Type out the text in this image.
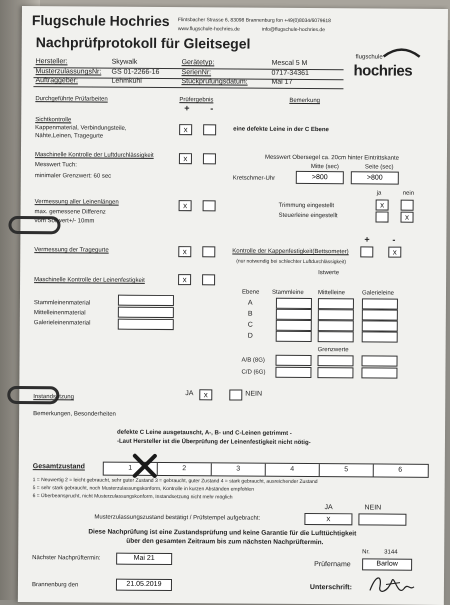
Flugschule Hochries Flintsbacher Strasse 6, 83098 Brannenburg fon +49(0)8034/6079618
www.flugschule-hochries.de	info@flugschule-hochries.de
Nachprüfprotokoll für Gleitsegel
flugschule
hochries
Hersteller:	Skywalk	Gerätetyp:	Mescal 5 M
MusterzulassungsNr: GS 01-2266-16	SerienNr:	0717-34361
Auftraggeber:	Lehmkuhl	Stückprüfungsdatum:	Mai 17
Durchgeführte Prüfarbeiten	Prüfergebnis	Bemerkung
+ -
Sichtkontrolle
Kappenmaterial, Verbindungsteile,
Nähte,Leinen, Tragegurte
x	eine defekte Leine in der C Ebene
Maschinelle Kontrolle der Luftdurchlässigkeit	x	Messwert Obersegel ca. 20cm hinter Eintrittskante
Messwert Tuch:	Mitte (sec)	Seite (sec)
minimaler Grenzwert: 60 sec	Kretschmer-Uhr	>800	>800
ja	nein
Vermessung aller Leinenlängen	x	Trimmung eingestellt	x
max. gemessene Differenz
Steuerleine eingestellt	x
vom Sollwert+/- 10mm
+	-
Vermessung der Tragegurte	x	Kontrolle der Kappenfestigkeit(Bettsometer)	x
(nur notwendig bei schlechter Luftdurchlässigkeit)
Istwerte
Maschinelle Kontrolle der Leinenfestigkeit	x
Ebene Stammleine Mittelleine	Galerieleine
Stammleinenmaterial
Mittelleinenmaterial
Galerieleinenmaterial
A
B
C
D
Grenzwerte
A/B (8G)
C/D (6G)
Instandsetzung
JA	x	NEIN
Bemerkungen, Besonderheiten
defekte C Leine ausgetauscht, A-, B- und C-Leinen getrimmt -
-Laut Hersteller ist die Überprüfung der Leinenfestigkeit nicht nötig-
Gesamtzustand	1	2	3	4	5	6
1 = Neuwertig 2 = leicht gebraucht, sehr guter Zustand 3 = gebraucht, guter Zustand 4 = stark gebraucht, ausreichender Zustand
5 = sehr stark gebraucht, noch Musterzulassungskonform, Kontrolle in kurzen Abständen empfohlen
6 = Überbeansprucht, nicht Musterzulassungskonform, Instandsetzung nicht mehr möglich
JA	NEIN
Musterzulassungszustand bestätigt / Prüfstempel aufgebracht:	x
Diese Nachprüfung ist eine Zustandsprüfung und keine Garantie für die Lufttüchtigkeit
über den gesamten Zeitraum bis zum nächsten Nachprüftermin.
Nächster Nachprüftermin:	Mai 21
Nr. 3144
Prüfername	Barlow
Brannenburg den	21.05.2019	Unterschrift:
